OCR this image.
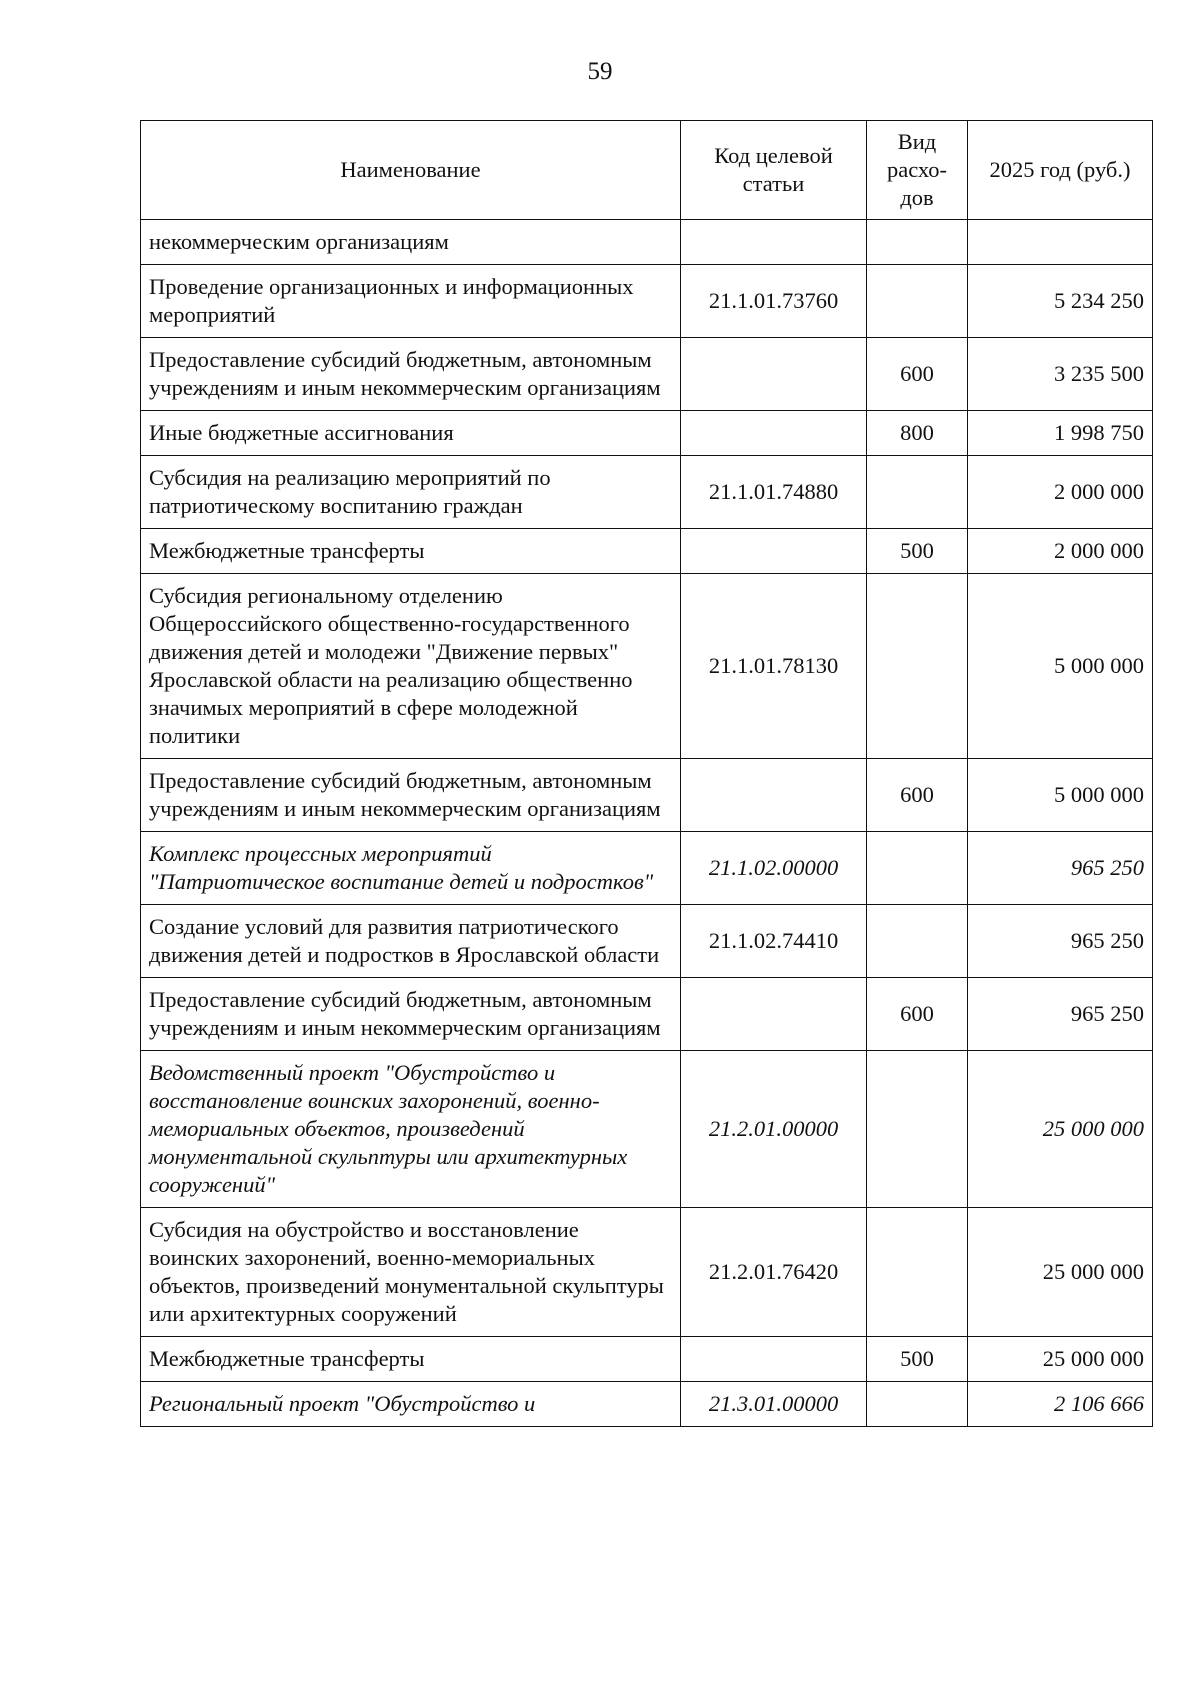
59
Наименование	Код целевой статьи	Вид расхо- дов	2025 год (руб.)
некоммерческим организациям			
Проведение организационных и информационных мероприятий	21.1.01.73760		5 234 250
Предоставление субсидий бюджетным, автономным учреждениям и иным некоммерческим организациям		600	3 235 500
Иные бюджетные ассигнования		800	1 998 750
Субсидия на реализацию мероприятий по патриотическому воспитанию граждан	21.1.01.74880		2 000 000
Межбюджетные трансферты		500	2 000 000
Субсидия региональному отделению Общероссийского общественно-государственного движения детей и молодежи "Движение первых" Ярославской области на реализацию общественно значимых мероприятий в сфере молодежной политики	21.1.01.78130		5 000 000
Предоставление субсидий бюджетным, автономным учреждениям и иным некоммерческим организациям		600	5 000 000
Комплекс процессных мероприятий "Патриотическое воспитание детей и подростков"	21.1.02.00000		965 250
Создание условий для развития патриотического движения детей и подростков в Ярославской области	21.1.02.74410		965 250
Предоставление субсидий бюджетным, автономным учреждениям и иным некоммерческим организациям		600	965 250
Ведомственный проект "Обустройство и восстановление воинских захоронений, военно-мемориальных объектов, произведений монументальной скульптуры или архитектурных сооружений"	21.2.01.00000		25 000 000
Субсидия на обустройство и восстановление воинских захоронений, военно-мемориальных объектов, произведений монументальной скульптуры или архитектурных сооружений	21.2.01.76420		25 000 000
Межбюджетные трансферты		500	25 000 000
Региональный проект "Обустройство и	21.3.01.00000		2 106 666
